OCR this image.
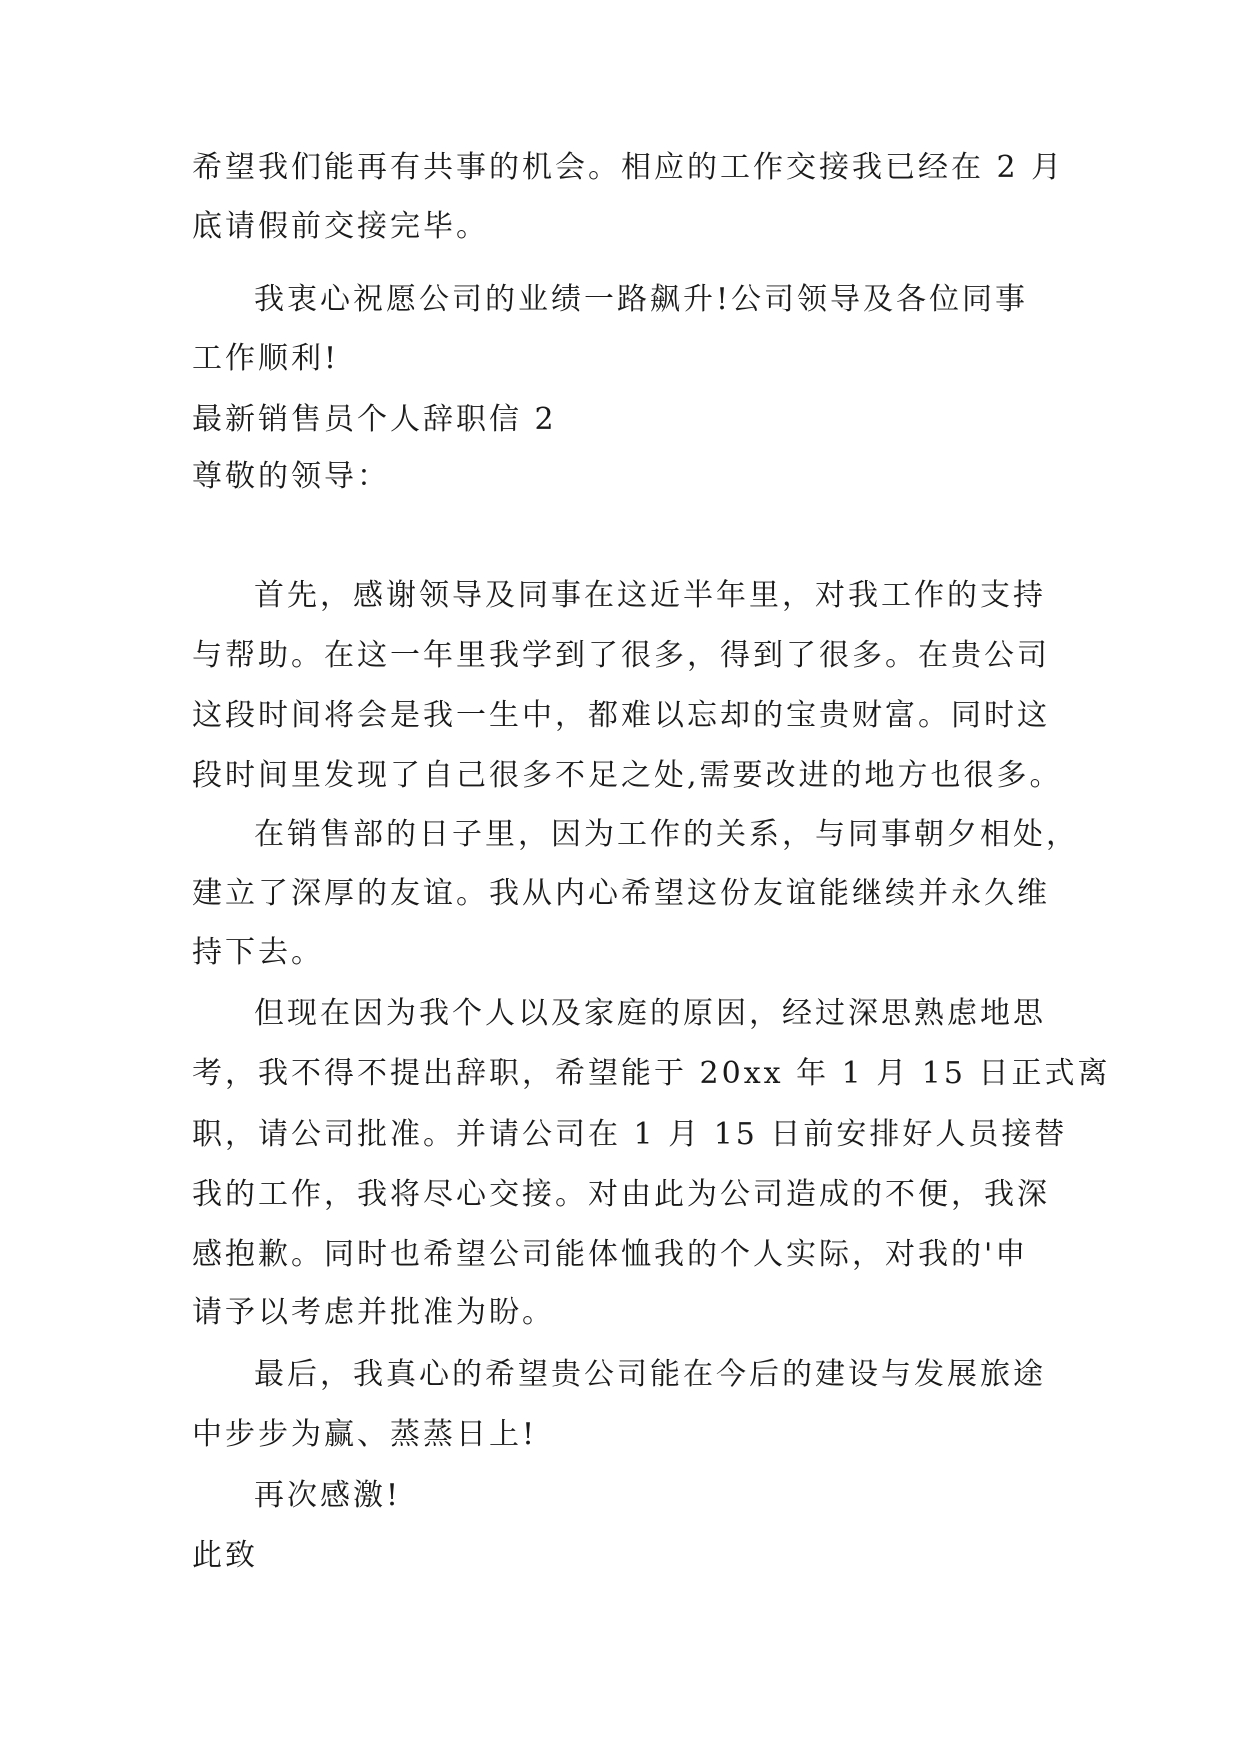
希望我们能再有共事的机会。相应的工作交接我已经在 2 月
底请假前交接完毕。
我衷心祝愿公司的业绩一路飙升!公司领导及各位同事
工作顺利!
最新销售员个人辞职信 2
尊敬的领导：
首先，感谢领导及同事在这近半年里，对我工作的支持
与帮助。在这一年里我学到了很多，得到了很多。在贵公司
这段时间将会是我一生中，都难以忘却的宝贵财富。同时这
段时间里发现了自己很多不足之处,需要改进的地方也很多。
在销售部的日子里，因为工作的关系，与同事朝夕相处，
建立了深厚的友谊。我从内心希望这份友谊能继续并永久维
持下去。
但现在因为我个人以及家庭的原因，经过深思熟虑地思
考，我不得不提出辞职，希望能于 20xx 年 1 月 15 日正式离
职，请公司批准。并请公司在 1 月 15 日前安排好人员接替
我的工作，我将尽心交接。对由此为公司造成的不便，我深
感抱歉。同时也希望公司能体恤我的个人实际，对我的'申
请予以考虑并批准为盼。
最后，我真心的希望贵公司能在今后的建设与发展旅途
中步步为赢、蒸蒸日上!
再次感激!
此致
